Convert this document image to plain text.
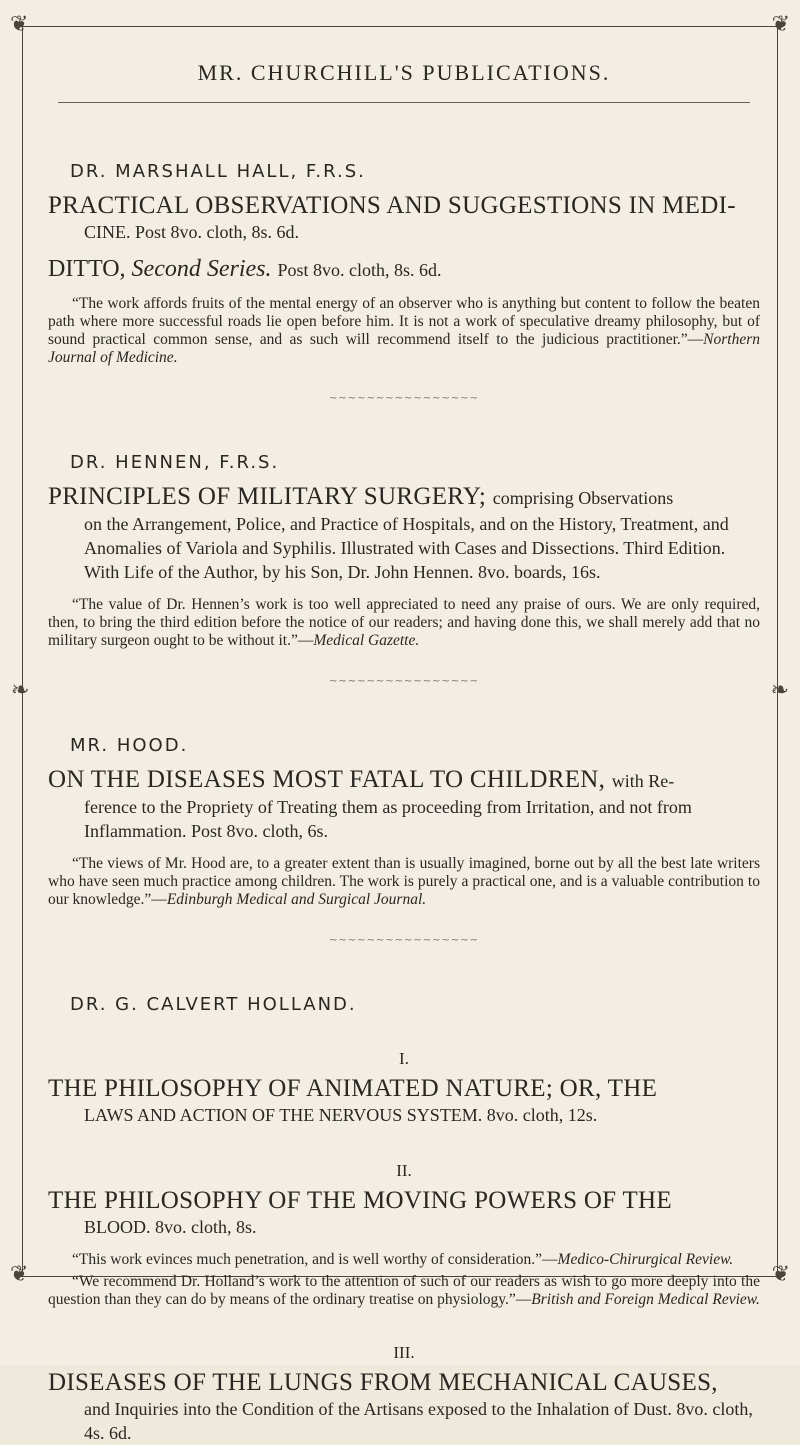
❦	❦
❦	❦
❧	❧
MR. CHURCHILL'S PUBLICATIONS.
DR. MARSHALL HALL, F.R.S.

PRACTICAL OBSERVATIONS AND SUGGESTIONS IN MEDI-

CINE. Post 8vo. cloth, 8s. 6d.

DITTO, Second Series. Post 8vo. cloth, 8s. 6d.

“The work affords fruits of the mental energy of an observer who is anything but content to follow the beaten path where more successful roads lie open before him. It is not a work of speculative dreamy philosophy, but of sound practical common sense, and as such will recommend itself to the judicious practitioner.”—Northern Journal of Medicine.

~~~~~~~~~~~~~~~~
DR. HENNEN, F.R.S.

PRINCIPLES OF MILITARY SURGERY; comprising Observations

on the Arrangement, Police, and Practice of Hospitals, and on the History, Treatment, and Anomalies of Variola and Syphilis. Illustrated with Cases and Dissections. Third Edition. With Life of the Author, by his Son, Dr. John Hennen. 8vo. boards, 16s.

“The value of Dr. Hennen’s work is too well appreciated to need any praise of ours. We are only required, then, to bring the third edition before the notice of our readers; and having done this, we shall merely add that no military surgeon ought to be without it.”—Medical Gazette.

~~~~~~~~~~~~~~~~
MR. HOOD.

ON THE DISEASES MOST FATAL TO CHILDREN, with Re-

ference to the Propriety of Treating them as proceeding from Irritation, and not from Inflammation. Post 8vo. cloth, 6s.

“The views of Mr. Hood are, to a greater extent than is usually imagined, borne out by all the best late writers who have seen much practice among children. The work is purely a practical one, and is a valuable contribution to our knowledge.”—Edinburgh Medical and Surgical Journal.

~~~~~~~~~~~~~~~~
DR. G. CALVERT HOLLAND.
I.

THE PHILOSOPHY OF ANIMATED NATURE; OR, THE

LAWS AND ACTION OF THE NERVOUS SYSTEM. 8vo. cloth, 12s.

II.

THE PHILOSOPHY OF THE MOVING POWERS OF THE

BLOOD. 8vo. cloth, 8s.

“This work evinces much penetration, and is well worthy of consideration.”—Medico-Chirurgical Review.

“We recommend Dr. Holland’s work to the attention of such of our readers as wish to go more deeply into the question than they can do by means of the ordinary treatise on physiology.”—British and Foreign Medical Review.

III.

DISEASES OF THE LUNGS FROM MECHANICAL CAUSES,

and Inquiries into the Condition of the Artisans exposed to the Inhalation of Dust. 8vo. cloth, 4s. 6d.
